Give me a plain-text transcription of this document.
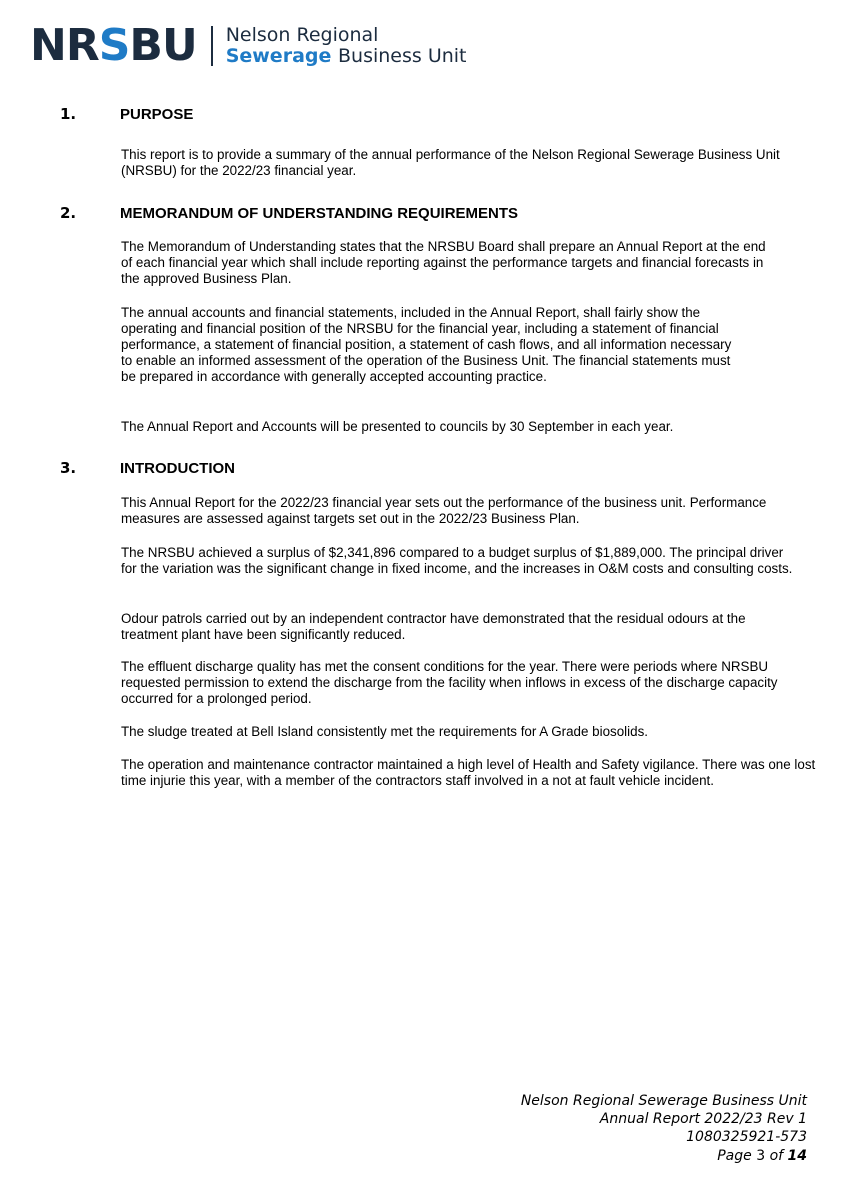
NRSBU Nelson Regional
Sewerage Business Unit
1.	PURPOSE
This report is to provide a summary of the annual performance of the Nelson Regional Sewerage Business Unit (NRSBU) for the 2022/23 financial year.
2.	MEMORANDUM OF UNDERSTANDING REQUIREMENTS
The Memorandum of Understanding states that the NRSBU Board shall prepare an Annual Report at the end of each financial year which shall include reporting against the performance targets and financial forecasts in the approved Business Plan.
The annual accounts and financial statements, included in the Annual Report, shall fairly show the operating and financial position of the NRSBU for the financial year, including a statement of financial performance, a statement of financial position, a statement of cash flows, and all information necessary to enable an informed assessment of the operation of the Business Unit. The financial statements must be prepared in accordance with generally accepted accounting practice.
The Annual Report and Accounts will be presented to councils by 30 September in each year.
3.	INTRODUCTION
This Annual Report for the 2022/23 financial year sets out the performance of the business unit. Performance measures are assessed against targets set out in the 2022/23 Business Plan.
The NRSBU achieved a surplus of $2,341,896 compared to a budget surplus of $1,889,000. The principal driver for the variation was the significant change in fixed income, and the increases in O&M costs and consulting costs.
Odour patrols carried out by an independent contractor have demonstrated that the residual odours at the treatment plant have been significantly reduced.
The effluent discharge quality has met the consent conditions for the year. There were periods where NRSBU requested permission to extend the discharge from the facility when inflows in excess of the discharge capacity occurred for a prolonged period.
The sludge treated at Bell Island consistently met the requirements for A Grade biosolids.
The operation and maintenance contractor maintained a high level of Health and Safety vigilance. There was one lost time injurie this year, with a member of the contractors staff involved in a not at fault vehicle incident.
Nelson Regional Sewerage Business Unit
Annual Report 2022/23 Rev 1
1080325921-573
Page 3 of 14
